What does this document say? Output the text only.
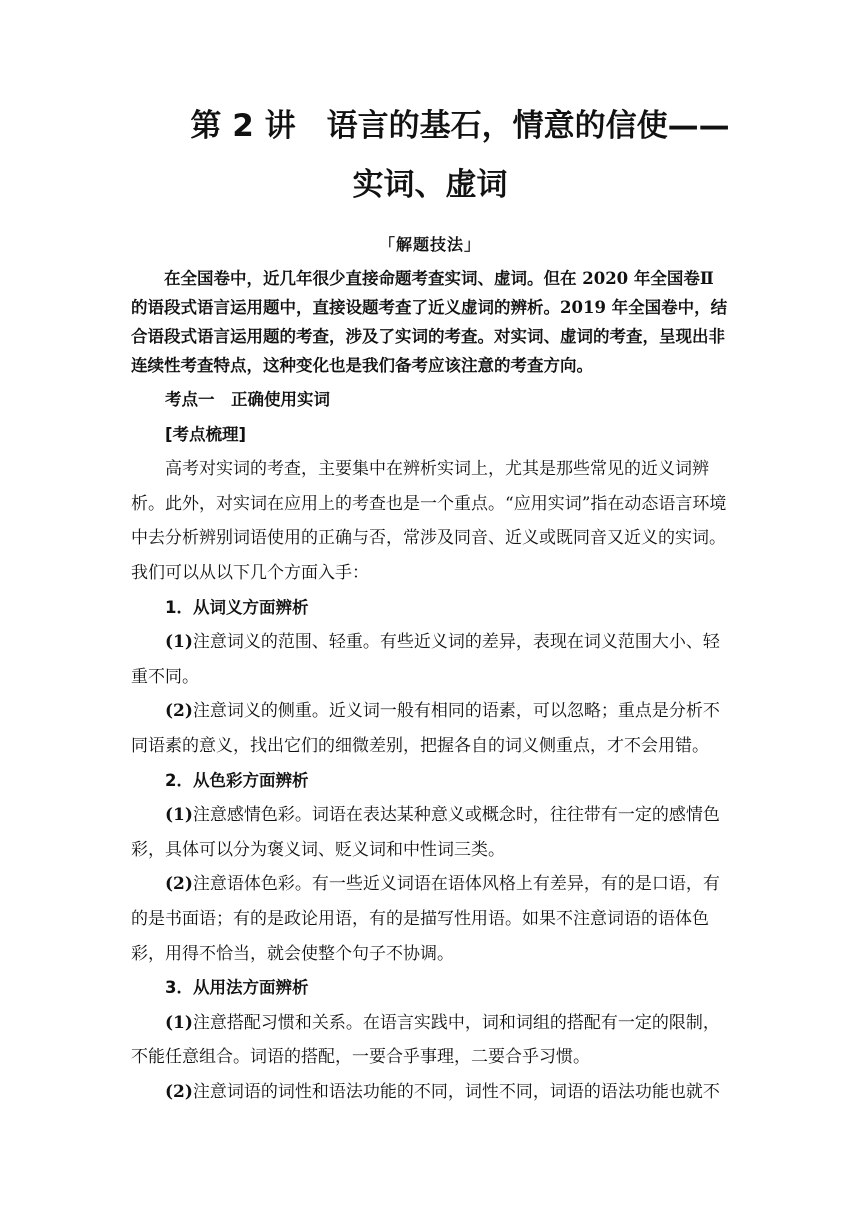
第 2 讲　语言的基石，情意的信使——
实词、虚词
「解题技法」

在全国卷中，近几年很少直接命题考查实词、虚词。但在 2020 年全国卷Ⅱ的语段式语言运用题中，直接设题考查了近义虚词的辨析。2019 年全国卷中，结合语段式语言运用题的考查，涉及了实词的考查。对实词、虚词的考查，呈现出非连续性考查特点，这种变化也是我们备考应该注意的考查方向。

考点一　正确使用实词

[考点梳理]

高考对实词的考查，主要集中在辨析实词上，尤其是那些常见的近义词辨析。此外，对实词在应用上的考查也是一个重点。“应用实词”指在动态语言环境中去分析辨别词语使用的正确与否，常涉及同音、近义或既同音又近义的实词。我们可以从以下几个方面入手：

1．从词义方面辨析

(1)注意词义的范围、轻重。有些近义词的差异，表现在词义范围大小、轻重不同。

(2)注意词义的侧重。近义词一般有相同的语素，可以忽略；重点是分析不同语素的意义，找出它们的细微差别，把握各自的词义侧重点，才不会用错。

2．从色彩方面辨析

(1)注意感情色彩。词语在表达某种意义或概念时，往往带有一定的感情色彩，具体可以分为褒义词、贬义词和中性词三类。

(2)注意语体色彩。有一些近义词语在语体风格上有差异，有的是口语，有的是书面语；有的是政论用语，有的是描写性用语。如果不注意词语的语体色彩，用得不恰当，就会使整个句子不协调。

3．从用法方面辨析

(1)注意搭配习惯和关系。在语言实践中，词和词组的搭配有一定的限制，不能任意组合。词语的搭配，一要合乎事理，二要合乎习惯。

(2)注意词语的词性和语法功能的不同，词性不同，词语的语法功能也就不
